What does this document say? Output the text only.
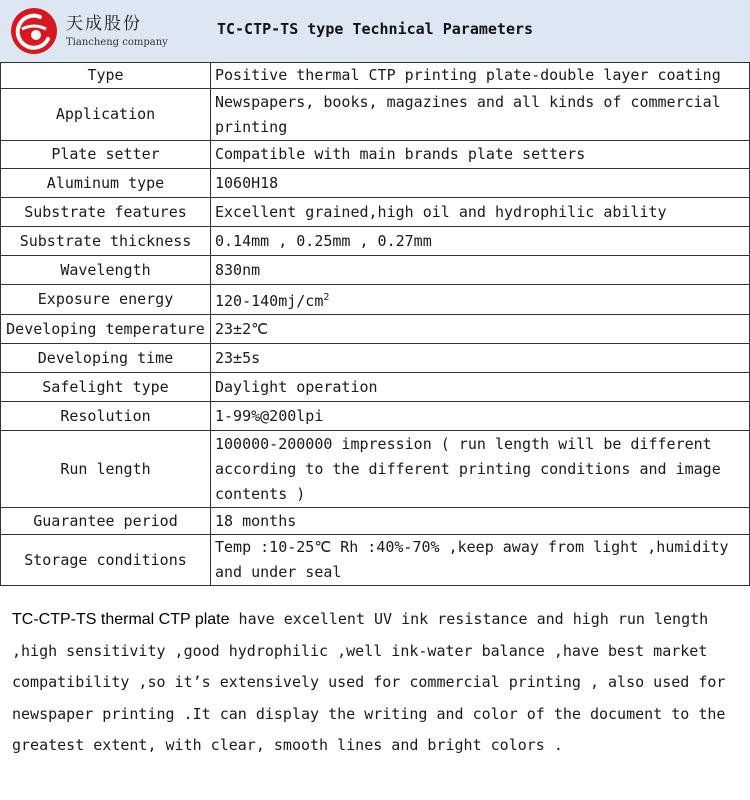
天成股份
Tiancheng company
TC-CTP-TS type Technical Parameters
Type	Positive thermal CTP printing plate-double layer coating
Application	Newspapers, books, magazines and all kinds of commercial printing
Plate setter	Compatible with main brands plate setters
Aluminum type	1060H18
Substrate features	Excellent grained,high oil and hydrophilic ability
Substrate thickness	0.14mm , 0.25mm , 0.27mm
Wavelength	830nm
Exposure energy	$120-140mj/cm^2$
Developing temperature	23±2℃
Developing time	23±5s
Safelight type	Daylight operation
Resolution	1-99%@200lpi
Run length	100000-200000 impression ( run length will be different according to the different printing conditions and image contents )
Guarantee period	18 months
Storage conditions	Temp :10-25℃ Rh :40%-70% ,keep away from light ,humidity and under seal
TC-CTP-TS thermal CTP plate have excellent UV ink resistance and high run length ,high sensitivity ,good hydrophilic ,well ink-water balance ,have best market compatibility ,so it’s extensively used for commercial printing , also used for newspaper printing .It can display the writing and color of the document to the greatest extent, with clear, smooth lines and bright colors .
